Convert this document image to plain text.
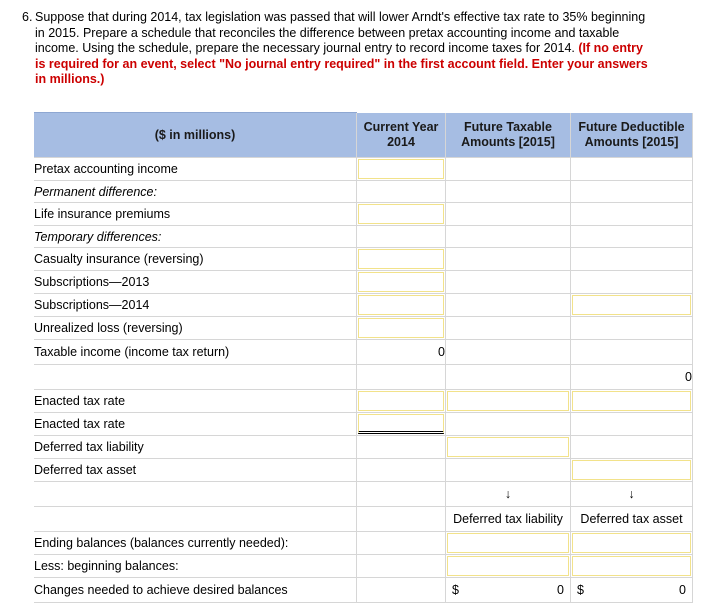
6. Suppose that during 2014, tax legislation was passed that will lower Arndt's effective tax rate to 35% beginning in 2015. Prepare a schedule that reconciles the difference between pretax accounting income and taxable income. Using the schedule, prepare the necessary journal entry to record income taxes for 2014. (If no entry is required for an event, select "No journal entry required" in the first account field. Enter your answers in millions.)
($ in millions)	Current Year 2014	Future Taxable Amounts [2015]	Future Deductible Amounts [2015]
Pretax accounting income	

Permanent difference:			
Life insurance premiums	

Temporary differences:			
Casualty insurance (reversing)	

Subscriptions—2013	

Subscriptions—2014	

Unrealized loss (reversing)	

Taxable income (income tax return)	0		
			0
Enacted tax rate	

Enacted tax rate	

Deferred tax liability		

Deferred tax asset			

		↓	↓
		Deferred tax liability	Deferred tax asset
Ending balances (balances currently needed):		

Less: beginning balances:		

Changes needed to achieve desired balances		$ 0	$ 0
